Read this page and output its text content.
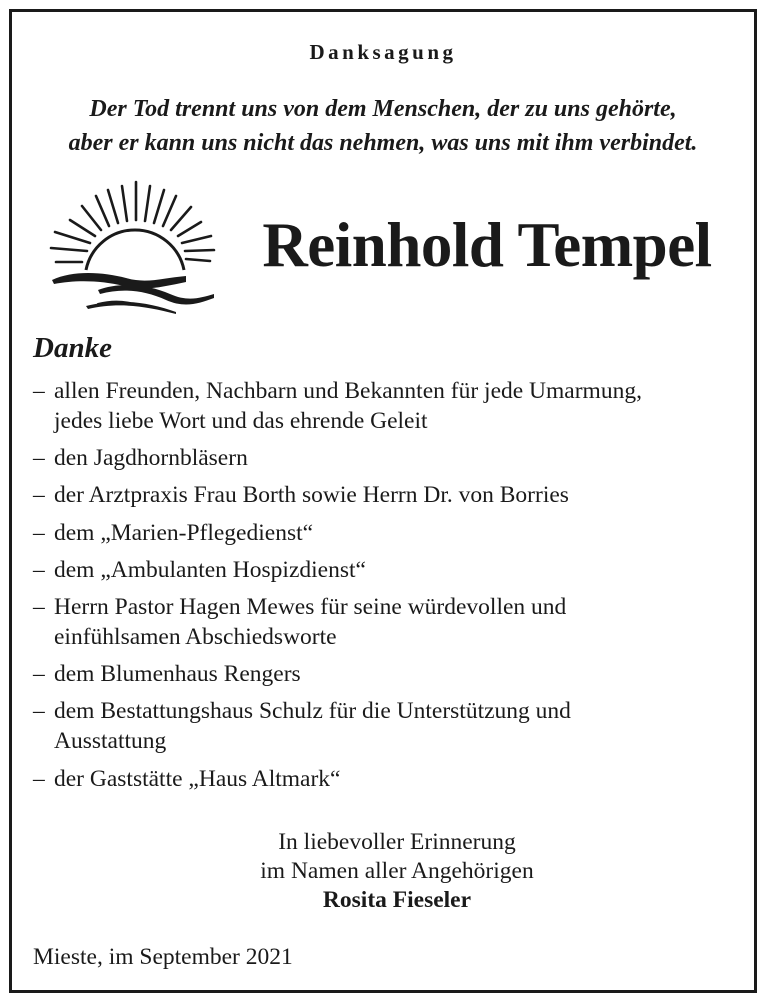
Danksagung
Der Tod trennt uns von dem Menschen, der zu uns gehörte,
aber er kann uns nicht das nehmen, was uns mit ihm verbindet.
Reinhold Tempel
Danke
– allen Freunden, Nachbarn und Bekannten für jede Umarmung,
jedes liebe Wort und das ehrende Geleit
– den Jagdhornbläsern
– der Arztpraxis Frau Borth sowie Herrn Dr. von Borries
– dem „Marien-Pflegedienst“
– dem „Ambulanten Hospizdienst“
– Herrn Pastor Hagen Mewes für seine würdevollen und
einfühlsamen Abschiedsworte
– dem Blumenhaus Rengers
– dem Bestattungshaus Schulz für die Unterstützung und
Ausstattung
– der Gaststätte „Haus Altmark“
In liebevoller Erinnerung
im Namen aller Angehörigen
Rosita Fieseler
Mieste, im September 2021
